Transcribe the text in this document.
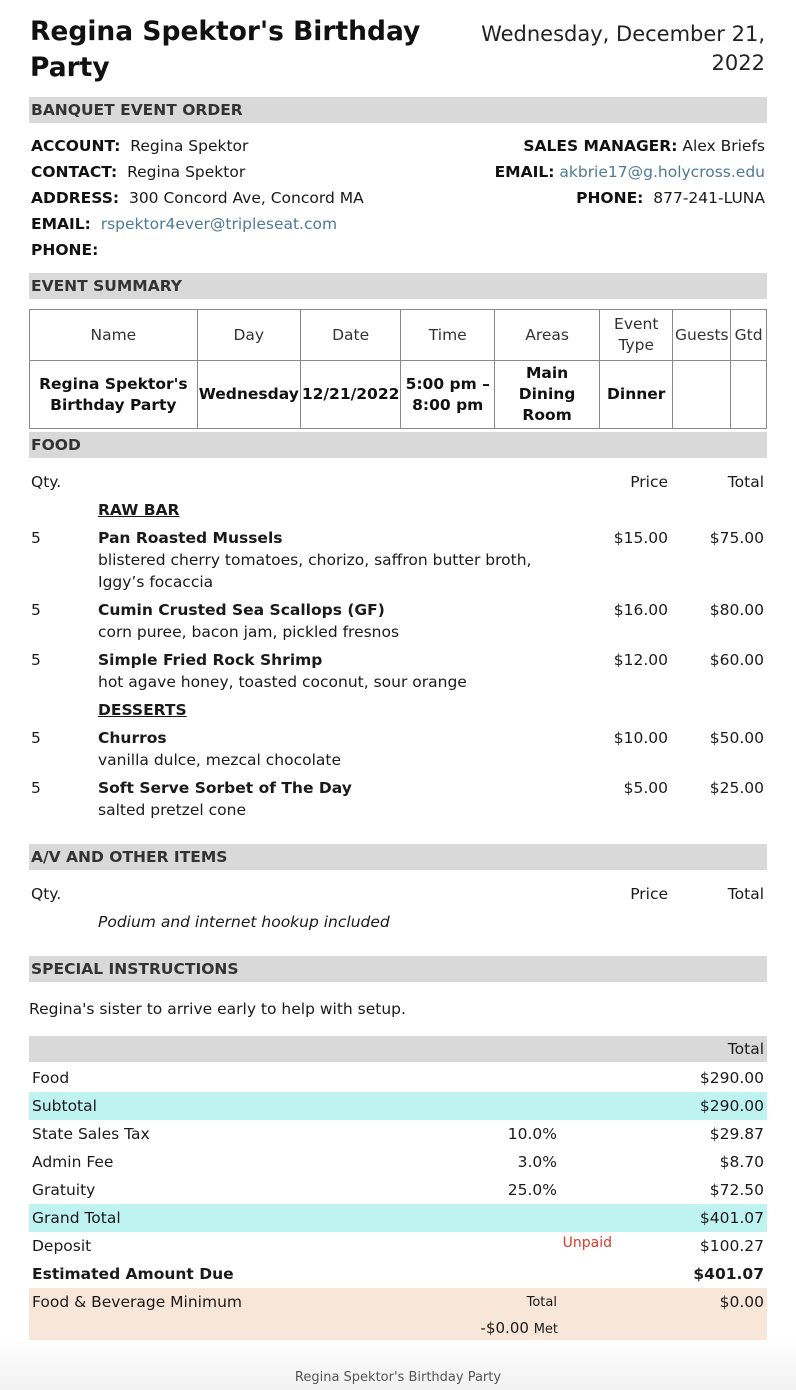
Regina Spektor's Birthday Party
Wednesday, December 21, 2022
BANQUET EVENT ORDER
ACCOUNT: Regina Spektor
CONTACT: Regina Spektor
ADDRESS: 300 Concord Ave, Concord MA
EMAIL: rspektor4ever@tripleseat.com
PHONE:
SALES MANAGER: Alex Briefs
EMAIL: akbrie17@g.holycross.edu
PHONE: 877-241-LUNA
EVENT SUMMARY
Name	Day	Date	Time	Areas	Event Type	Guests	Gtd
Regina Spektor's Birthday Party	Wednesday	12/21/2022	5:00 pm – 8:00 pm	Main Dining Room	Dinner		
FOOD
Qty.	Price	Total
RAW BAR
5	Pan Roasted Mussels
blistered cherry tomatoes, chorizo, saffron butter broth, Iggy’s focaccia
$15.00	$75.00
5	Cumin Crusted Sea Scallops (GF)
corn puree, bacon jam, pickled fresnos
$16.00	$80.00
5	Simple Fried Rock Shrimp
hot agave honey, toasted coconut, sour orange
$12.00	$60.00
DESSERTS
5	Churros
vanilla dulce, mezcal chocolate
$10.00	$50.00
5	Soft Serve Sorbet of The Day
salted pretzel cone
$5.00	$25.00
A/V AND OTHER ITEMS
Qty.	Price	Total
Podium and internet hookup included
SPECIAL INSTRUCTIONS
Regina's sister to arrive early to help with setup.
Total
Food	$290.00
Subtotal	$290.00
State Sales Tax	10.0%	$29.87
Admin Fee	3.0%	$8.70
Gratuity	25.0%	$72.50
Grand Total	$401.07
Deposit	Unpaid	$100.27
Estimated Amount Due	$401.07
Food & Beverage Minimum	Total	$0.00
-$0.00 Met
Regina Spektor's Birthday Party
